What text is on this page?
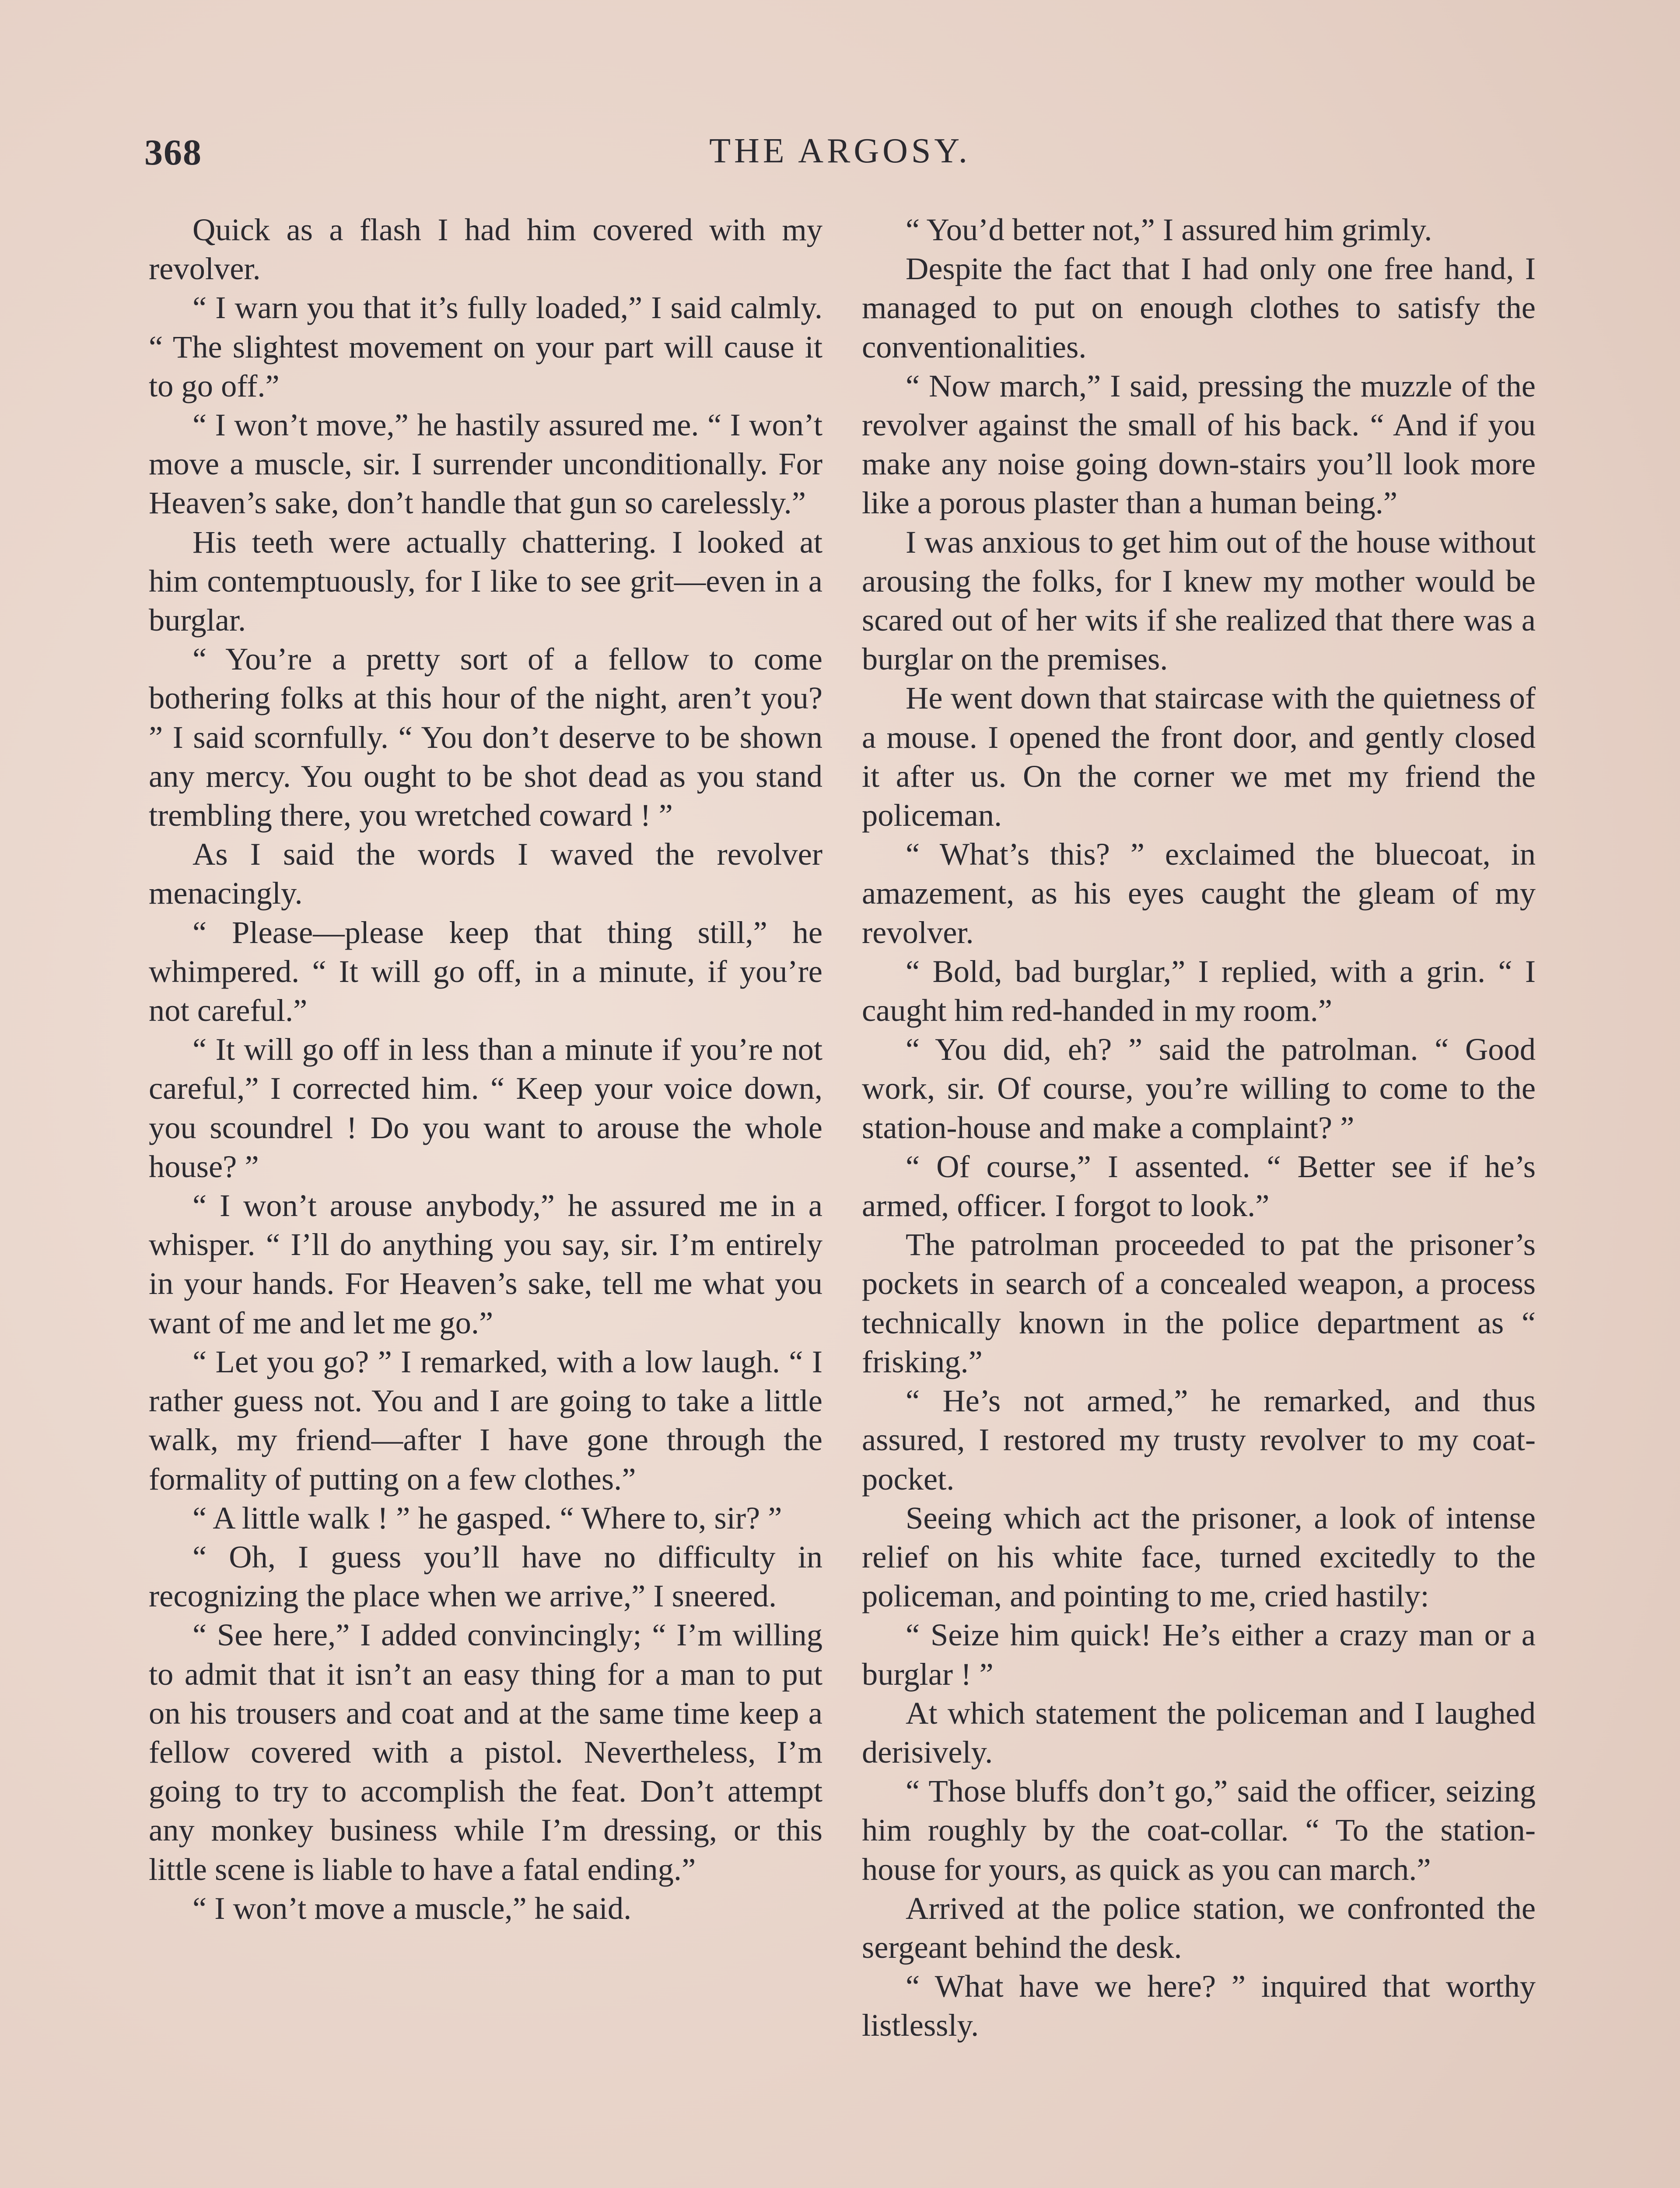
368	THE ARGOSY.

Quick as a flash I had him covered with my revolver.

“ I warn you that it’s fully loaded,” I said calmly. “ The slightest movement on your part will cause it to go off.”

“ I won’t move,” he hastily assured me. “ I won’t move a muscle, sir. I surrender unconditionally. For Heaven’s sake, don’t handle that gun so carelessly.”

His teeth were actually chattering. I looked at him contemptuously, for I like to see grit—even in a burglar.

“ You’re a pretty sort of a fellow to come bothering folks at this hour of the night, aren’t you? ” I said scornfully. “ You don’t deserve to be shown any mercy. You ought to be shot dead as you stand trembling there, you wretched coward ! ”

As I said the words I waved the revolver menacingly.

“ Please—please keep that thing still,” he whimpered. “ It will go off, in a minute, if you’re not careful.”

“ It will go off in less than a minute if you’re not careful,” I corrected him. “ Keep your voice down, you scoundrel ! Do you want to arouse the whole house? ”

“ I won’t arouse anybody,” he assured me in a whisper. “ I’ll do anything you say, sir. I’m entirely in your hands. For Heaven’s sake, tell me what you want of me and let me go.”

“ Let you go? ” I remarked, with a low laugh. “ I rather guess not. You and I are going to take a little walk, my friend—after I have gone through the formality of putting on a few clothes.”

“ A little walk ! ” he gasped. “ Where to, sir? ”

“ Oh, I guess you’ll have no difficulty in recognizing the place when we arrive,” I sneered.

“ See here,” I added convincingly; “ I’m willing to admit that it isn’t an easy thing for a man to put on his trousers and coat and at the same time keep a fellow covered with a pistol. Nevertheless, I’m going to try to accomplish the feat. Don’t attempt any monkey business while I’m dressing, or this little scene is liable to have a fatal ending.”

“ I won’t move a muscle,” he said.

“ You’d better not,” I assured him grimly.

Despite the fact that I had only one free hand, I managed to put on enough clothes to satisfy the conventionalities.

“ Now march,” I said, pressing the muzzle of the revolver against the small of his back. “ And if you make any noise going down-stairs you’ll look more like a porous plaster than a human being.”

I was anxious to get him out of the house without arousing the folks, for I knew my mother would be scared out of her wits if she realized that there was a burglar on the premises.

He went down that staircase with the quietness of a mouse. I opened the front door, and gently closed it after us. On the corner we met my friend the policeman.

“ What’s this? ” exclaimed the bluecoat, in amazement, as his eyes caught the gleam of my revolver.

“ Bold, bad burglar,” I replied, with a grin. “ I caught him red-handed in my room.”

“ You did, eh? ” said the patrolman. “ Good work, sir. Of course, you’re willing to come to the station-house and make a complaint? ”

“ Of course,” I assented. “ Better see if he’s armed, officer. I forgot to look.”

The patrolman proceeded to pat the prisoner’s pockets in search of a concealed weapon, a process technically known in the police department as “ frisking.”

“ He’s not armed,” he remarked, and thus assured, I restored my trusty revolver to my coat-pocket.

Seeing which act the prisoner, a look of intense relief on his white face, turned excitedly to the policeman, and pointing to me, cried hastily:

“ Seize him quick! He’s either a crazy man or a burglar ! ”

At which statement the policeman and I laughed derisively.

“ Those bluffs don’t go,” said the officer, seizing him roughly by the coat-collar. “ To the station-house for yours, as quick as you can march.”

Arrived at the police station, we confronted the sergeant behind the desk.

“ What have we here? ” inquired that worthy listlessly.
